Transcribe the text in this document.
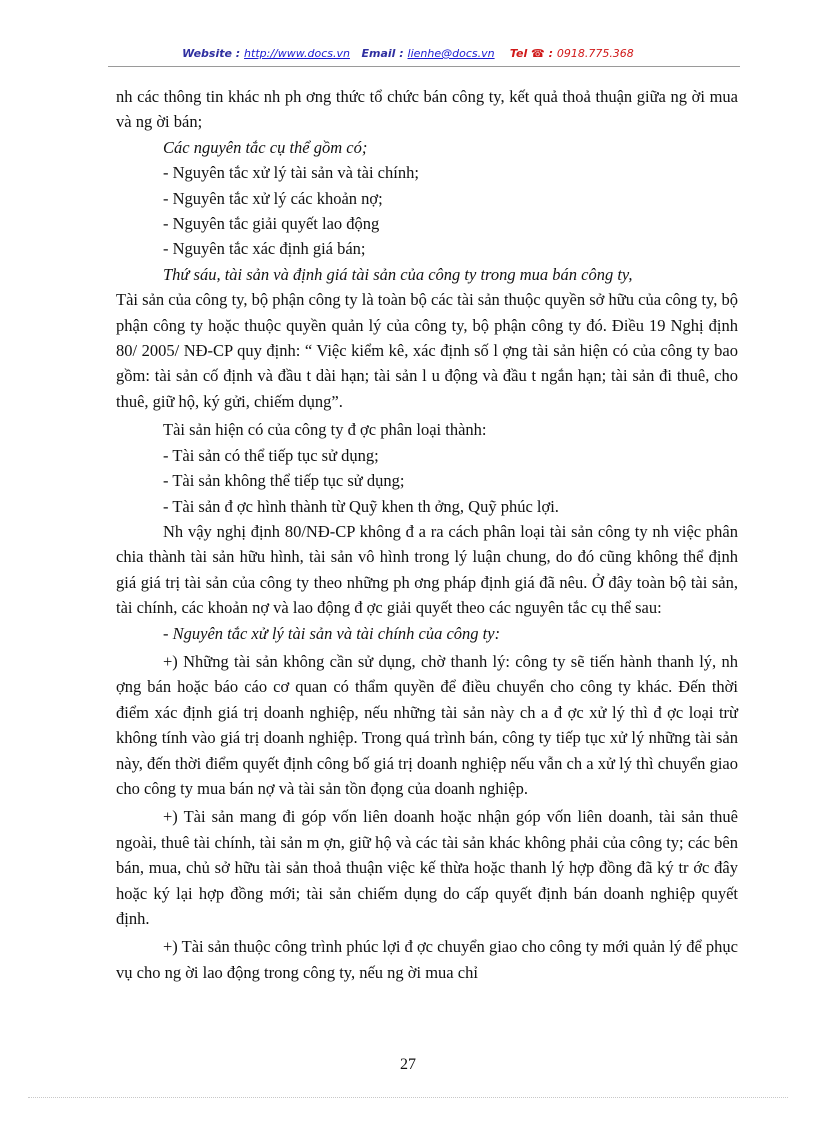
Website : http://www.docs.vn Email : lienhe@docs.vn Tel ☎ : 0918.775.368

nh các thông tin khác nh ph ơng thức tổ chức bán công ty, kết quả thoả thuận giữa ng ời mua và ng ời bán;

Các nguyên tắc cụ thể gồm có;

- Nguyên tắc xử lý tài sản và tài chính;

- Nguyên tắc xử lý các khoản nợ;

- Nguyên tắc giải quyết lao động

- Nguyên tắc xác định giá bán;

Thứ sáu, tài sản và định giá tài sản của công ty trong mua bán công ty,

Tài sản của công ty, bộ phận công ty là toàn bộ các tài sản thuộc quyền sở hữu của công ty, bộ phận công ty hoặc thuộc quyền quản lý của công ty, bộ phận công ty đó. Điều 19 Nghị định 80/ 2005/ NĐ-CP quy định: “ Việc kiểm kê, xác định số l ợng tài sản hiện có của công ty bao gồm: tài sản cố định và đầu t dài hạn; tài sản l u động và đầu t ngắn hạn; tài sản đi thuê, cho thuê, giữ hộ, ký gửi, chiếm dụng”.

Tài sản hiện có của công ty đ ợc phân loại thành:

- Tài sản có thể tiếp tục sử dụng;

- Tài sản không thể tiếp tục sử dụng;

- Tài sản đ ợc hình thành từ Quỹ khen th ởng, Quỹ phúc lợi.

Nh vậy nghị định 80/NĐ-CP không đ a ra cách phân loại tài sản công ty nh việc phân chia thành tài sản hữu hình, tài sản vô hình trong lý luận chung, do đó cũng không thể định giá giá trị tài sản của công ty theo những ph ơng pháp định giá đã nêu. Ở đây toàn bộ tài sản, tài chính, các khoản nợ và lao động đ ợc giải quyết theo các nguyên tắc cụ thể sau:

- Nguyên tắc xử lý tài sản và tài chính của công ty:

+) Những tài sản không cần sử dụng, chờ thanh lý: công ty sẽ tiến hành thanh lý, nh ợng bán hoặc báo cáo cơ quan có thẩm quyền để điều chuyển cho công ty khác. Đến thời điểm xác định giá trị doanh nghiệp, nếu những tài sản này ch a đ ợc xử lý thì đ ợc loại trừ không tính vào giá trị doanh nghiệp. Trong quá trình bán, công ty tiếp tục xử lý những tài sản này, đến thời điểm quyết định công bố giá trị doanh nghiệp nếu vẫn ch a xử lý thì chuyển giao cho công ty mua bán nợ và tài sản tồn đọng của doanh nghiệp.

+) Tài sản mang đi góp vốn liên doanh hoặc nhận góp vốn liên doanh, tài sản thuê ngoài, thuê tài chính, tài sản m ợn, giữ hộ và các tài sản khác không phải của công ty; các bên bán, mua, chủ sở hữu tài sản thoả thuận việc kế thừa hoặc thanh lý hợp đồng đã ký tr ớc đây hoặc ký lại hợp đồng mới; tài sản chiếm dụng do cấp quyết định bán doanh nghiệp quyết định.

+) Tài sản thuộc công trình phúc lợi đ ợc chuyển giao cho công ty mới quản lý để phục vụ cho ng ời lao động trong công ty, nếu ng ời mua chỉ

27
